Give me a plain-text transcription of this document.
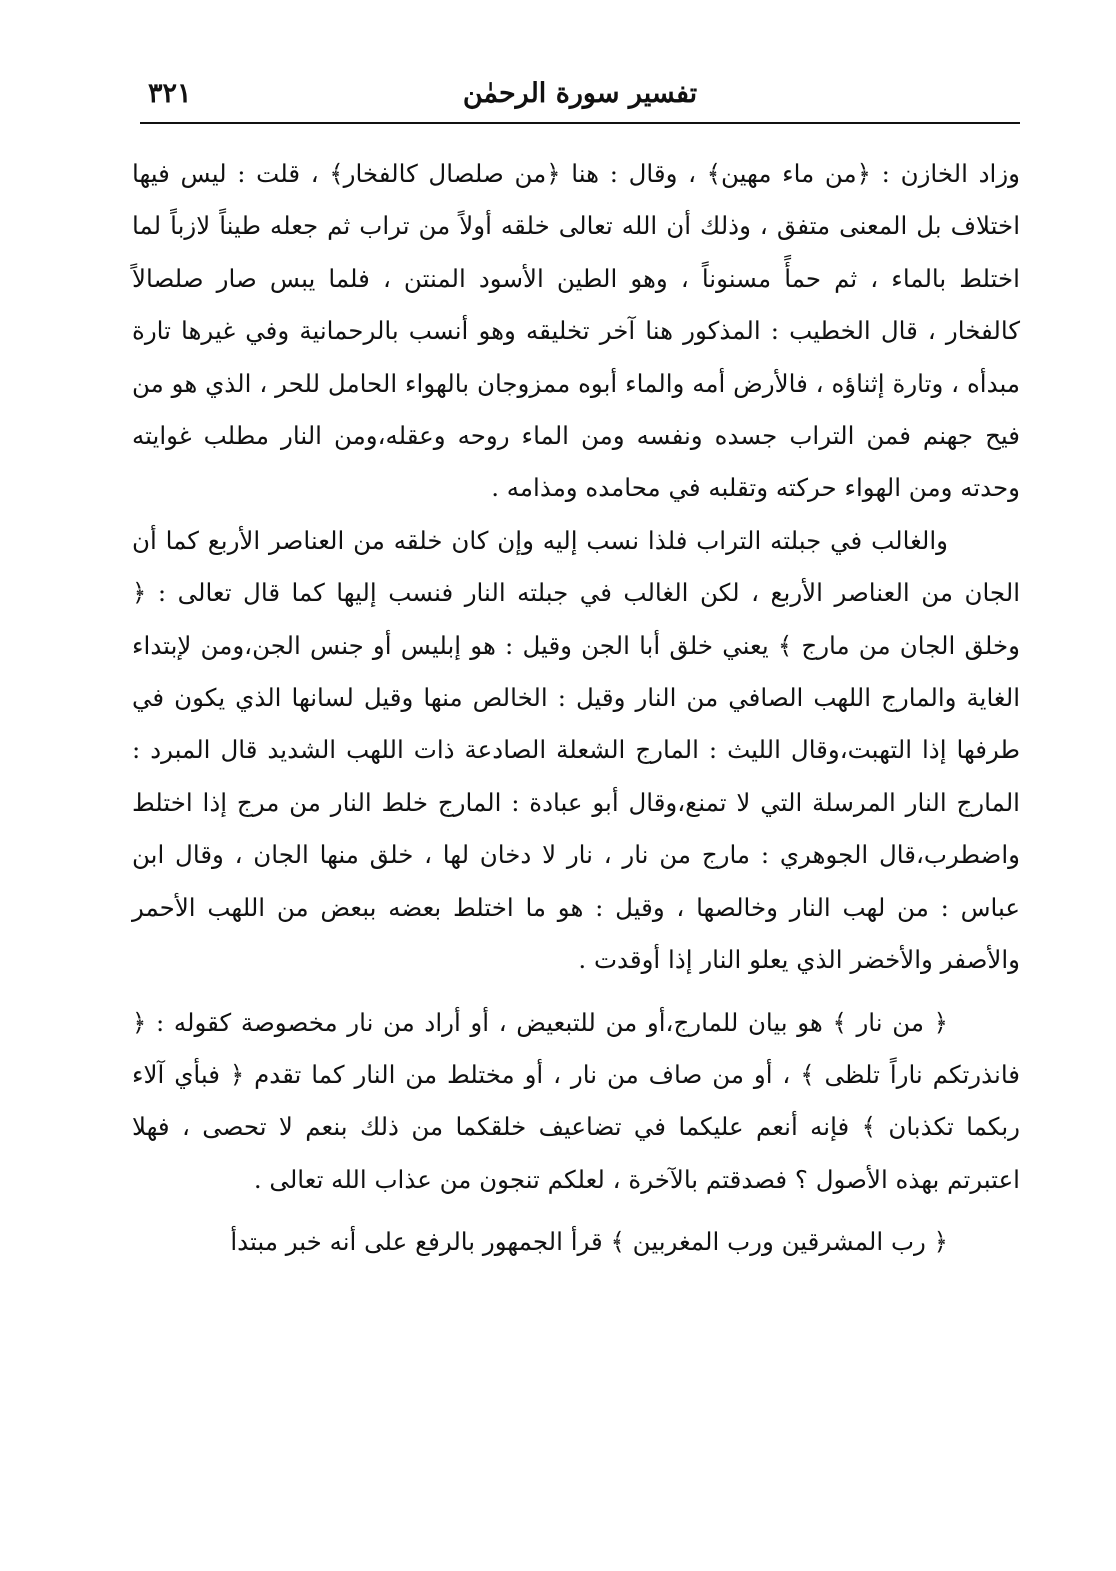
٣٢١	تفسير سورة الرحمٰن

وزاد الخازن : ﴿من ماء مهين﴾ ، وقال : هنا ﴿من صلصال كالفخار﴾ ، قلت : ليس فيها اختلاف بل المعنى متفق ، وذلك أن الله تعالى خلقه أولاً من تراب ثم جعله طيناً لازباً لما اختلط بالماء ، ثم حمأً مسنوناً ، وهو الطين الأسود المنتن ، فلما يبس صار صلصالاً كالفخار ، قال الخطيب : المذكور هنا آخر تخليقه وهو أنسب بالرحمانية وفي غيرها تارة مبدأه ، وتارة إثناؤه ، فالأرض أمه والماء أبوه ممزوجان بالهواء الحامل للحر ، الذي هو من فيح جهنم فمن التراب جسده ونفسه ومن الماء روحه وعقله،ومن النار مطلب غوايته وحدته ومن الهواء حركته وتقلبه في محامده ومذامه .

والغالب في جبلته التراب فلذا نسب إليه وإن كان خلقه من العناصر الأربع كما أن الجان من العناصر الأربع ، لكن الغالب في جبلته النار فنسب إليها كما قال تعالى : ﴿ وخلق الجان من مارج ﴾ يعني خلق أبا الجن وقيل : هو إبليس أو جنس الجن،ومن لإبتداء الغاية والمارج اللهب الصافي من النار وقيل : الخالص منها وقيل لسانها الذي يكون في طرفها إذا التهبت،وقال الليث : المارج الشعلة الصادعة ذات اللهب الشديد قال المبرد : المارج النار المرسلة التي لا تمنع،وقال أبو عبادة : المارج خلط النار من مرج إذا اختلط واضطرب،قال الجوهري : مارج من نار ، نار لا دخان لها ، خلق منها الجان ، وقال ابن عباس : من لهب النار وخالصها ، وقيل : هو ما اختلط بعضه ببعض من اللهب الأحمر والأصفر والأخضر الذي يعلو النار إذا أوقدت .

﴿ من نار ﴾ هو بيان للمارج،أو من للتبعيض ، أو أراد من نار مخصوصة كقوله : ﴿ فانذرتكم ناراً تلظى ﴾ ، أو من صاف من نار ، أو مختلط من النار كما تقدم ﴿ فبأي آلاء ربكما تكذبان ﴾ فإنه أنعم عليكما في تضاعيف خلقكما من ذلك بنعم لا تحصى ، فهلا اعتبرتم بهذه الأصول ؟ فصدقتم بالآخرة ، لعلكم تنجون من عذاب الله تعالى .

﴿ رب المشرقين ورب المغربين ﴾ قرأ الجمهور بالرفع على أنه خبر مبتدأ
